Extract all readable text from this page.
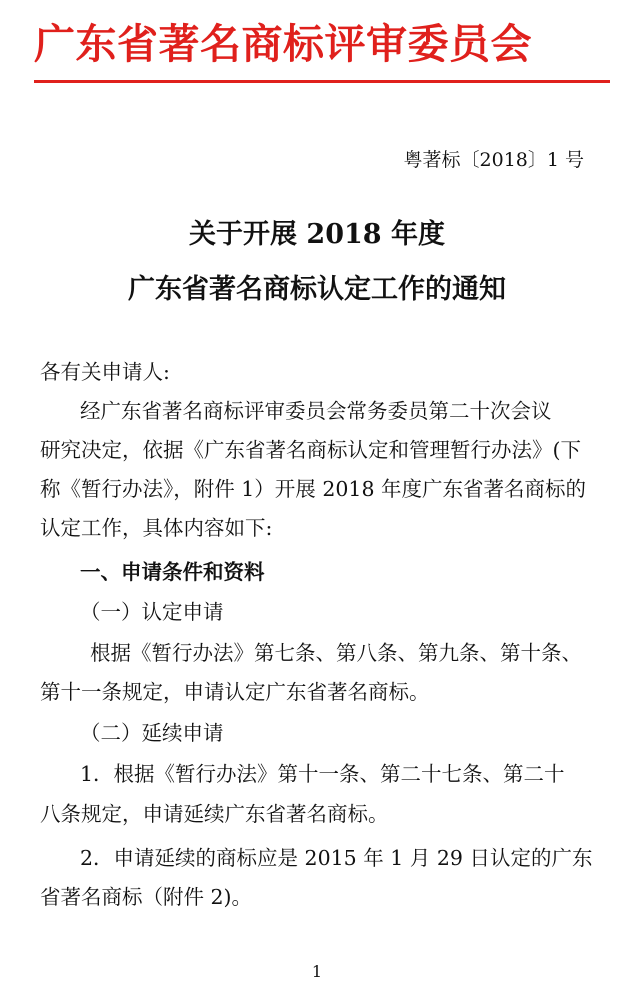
广东省著名商标评审委员会
粤著标〔2018〕1 号
关于开展 2018 年度
广东省著名商标认定工作的通知
各有关申请人:
经广东省著名商标评审委员会常务委员第二十次会议
研究决定，依据《广东省著名商标认定和管理暂行办法》(下
称《暂行办法》，附件 1）开展 2018 年度广东省著名商标的
认定工作，具体内容如下:
一、申请条件和资料
（一）认定申请
根据《暂行办法》第七条、第八条、第九条、第十条、
第十一条规定，申请认定广东省著名商标。
（二）延续申请
1．根据《暂行办法》第十一条、第二十七条、第二十
八条规定，申请延续广东省著名商标。
2．申请延续的商标应是 2015 年 1 月 29 日认定的广东
省著名商标（附件 2)。
1
